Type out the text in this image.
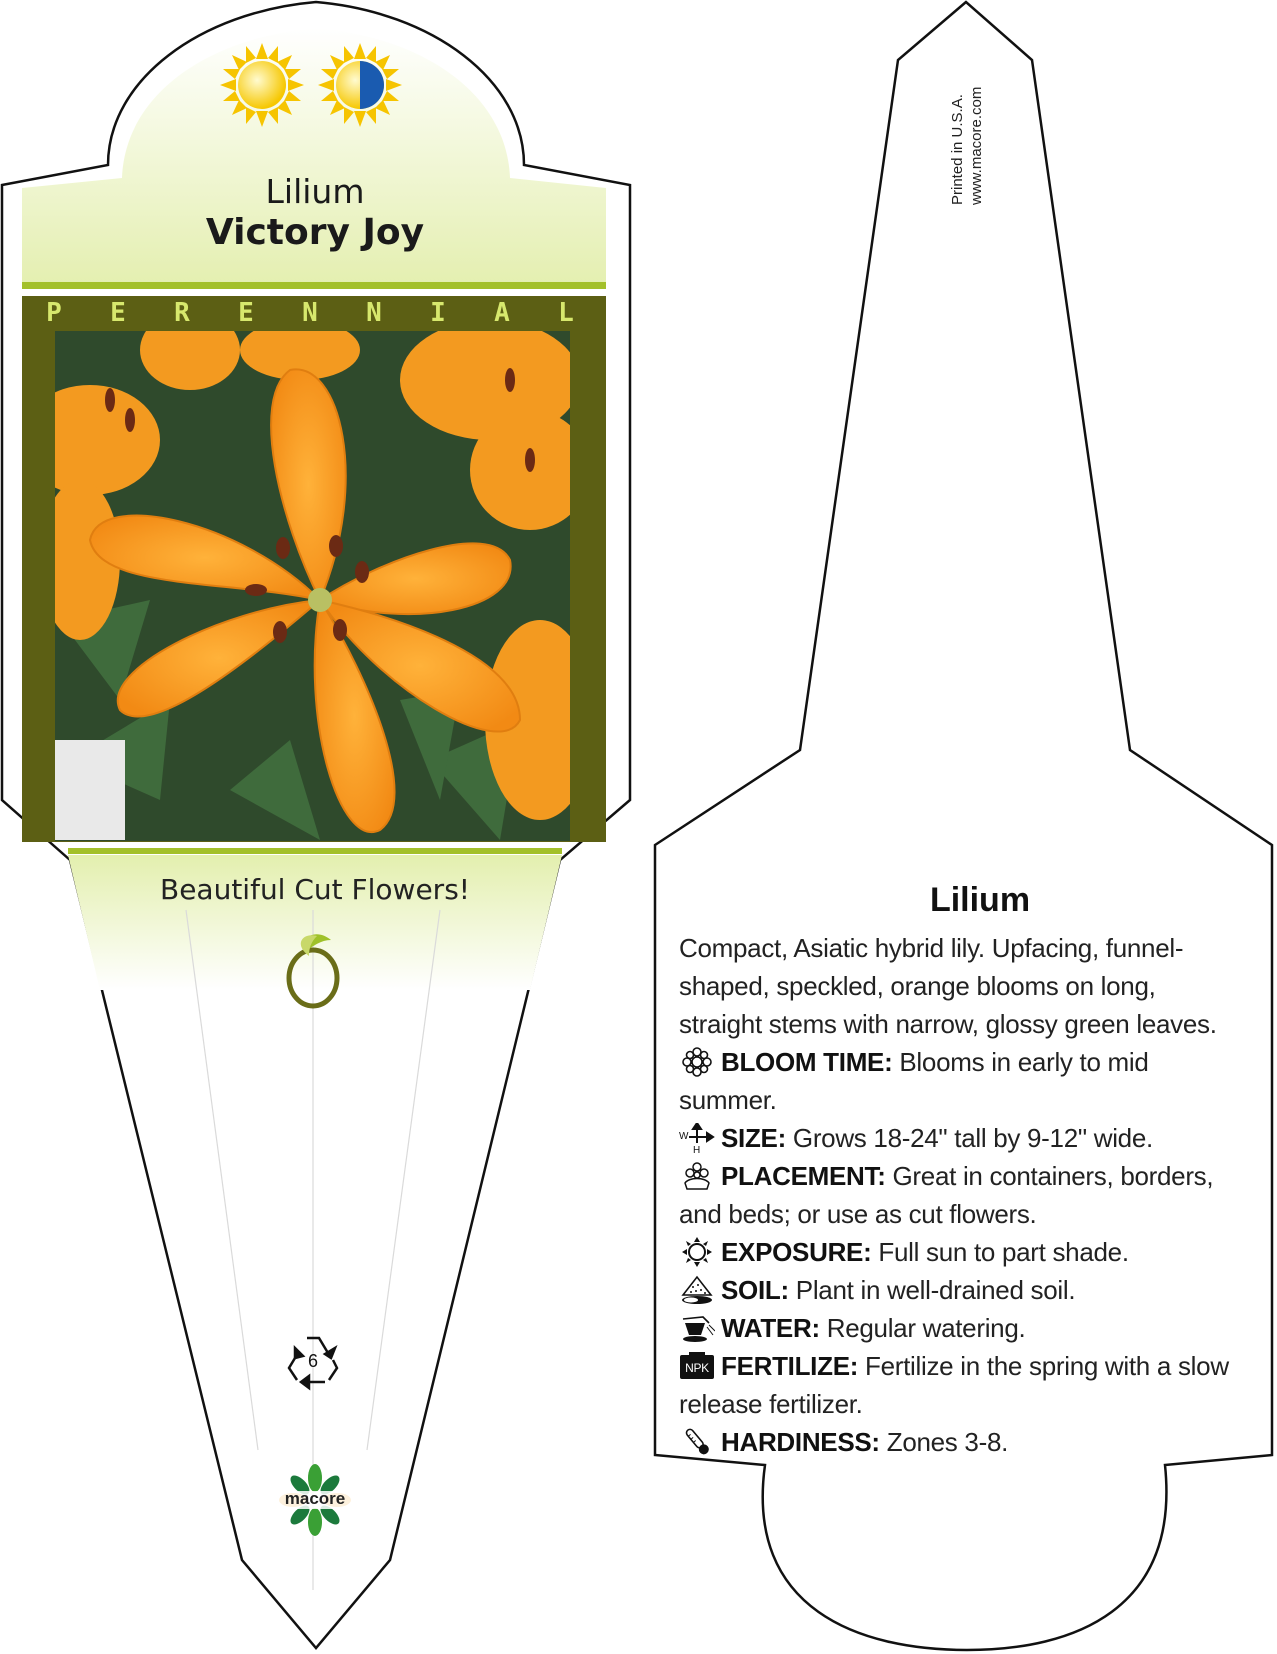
Lilium
Victory Joy
P E R E N N I A L
Beautiful Cut Flowers!
6
macore
Printed in U.S.A. www.macore.com
Lilium

Compact, Asiatic hybrid lily. Upfacing, funnel-shaped, speckled, orange blooms on long, straight stems with narrow, glossy green leaves.

BLOOM TIME: Blooms in early to mid summer.

W
H SIZE: Grows 18-24" tall by 9-12" wide.

PLACEMENT: Great in containers, borders, and beds; or use as cut flowers.

EXPOSURE: Full sun to part shade.

SOIL: Plant in well-drained soil.

WATER: Regular watering.

NPK FERTILIZE: Fertilize in the spring with a slow release fertilizer.

HARDINESS: Zones 3-8.
